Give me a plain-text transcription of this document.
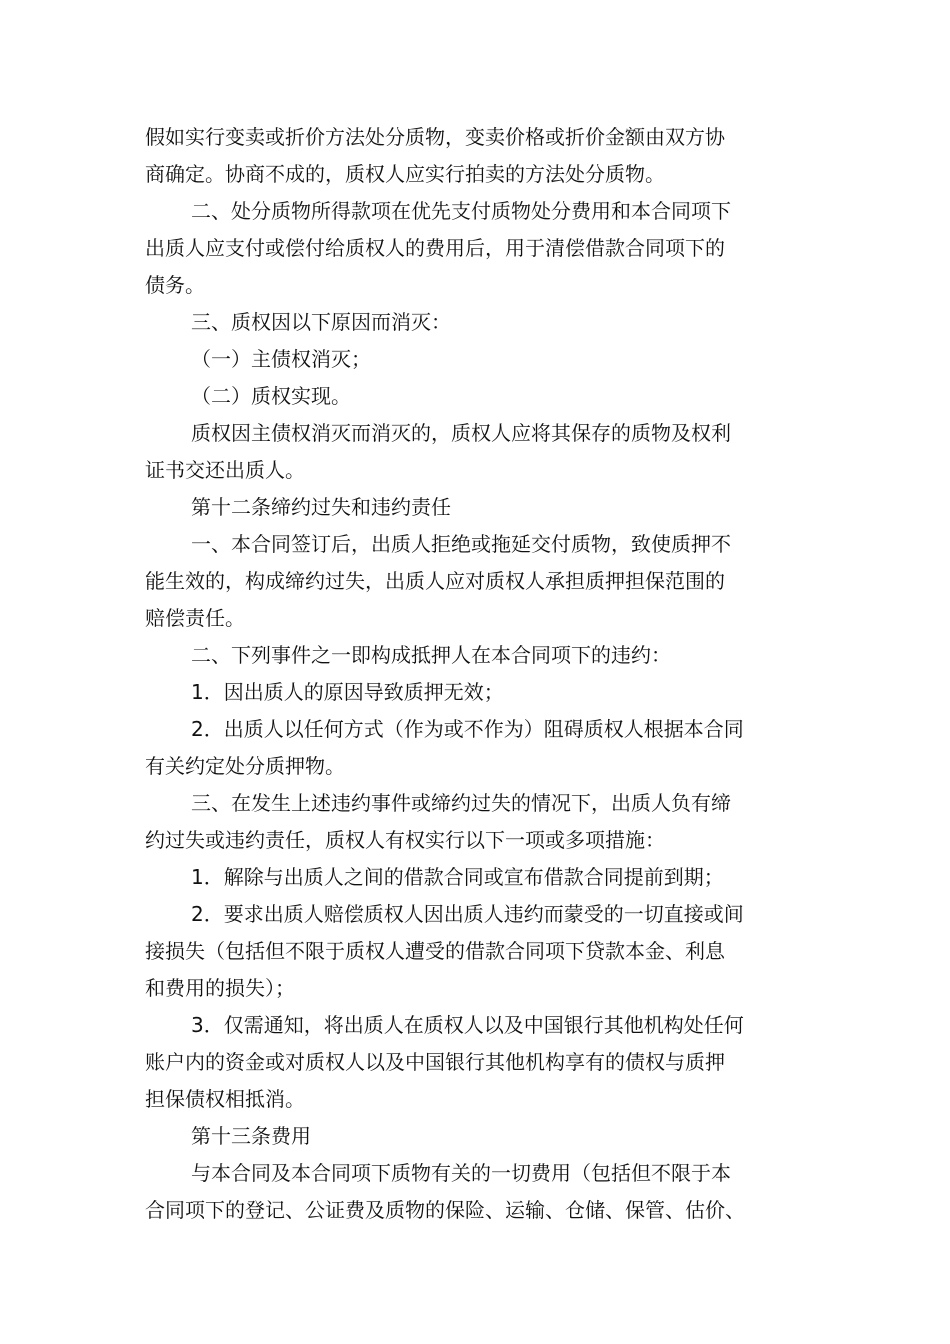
假如实行变卖或折价方法处分质物，变卖价格或折价金额由双方协
商确定。协商不成的，质权人应实行拍卖的方法处分质物。
二、处分质物所得款项在优先支付质物处分费用和本合同项下
出质人应支付或偿付给质权人的费用后，用于清偿借款合同项下的
债务。
三、质权因以下原因而消灭：
（一）主债权消灭；
（二）质权实现。
质权因主债权消灭而消灭的，质权人应将其保存的质物及权利
证书交还出质人。
第十二条缔约过失和违约责任
一、本合同签订后，出质人拒绝或拖延交付质物，致使质押不
能生效的，构成缔约过失，出质人应对质权人承担质押担保范围的
赔偿责任。
二、下列事件之一即构成抵押人在本合同项下的违约：
1．因出质人的原因导致质押无效；
2．出质人以任何方式（作为或不作为）阻碍质权人根据本合同
有关约定处分质押物。
三、在发生上述违约事件或缔约过失的情况下，出质人负有缔
约过失或违约责任，质权人有权实行以下一项或多项措施：
1．解除与出质人之间的借款合同或宣布借款合同提前到期；
2．要求出质人赔偿质权人因出质人违约而蒙受的一切直接或间
接损失（包括但不限于质权人遭受的借款合同项下贷款本金、利息
和费用的损失）；
3．仅需通知，将出质人在质权人以及中国银行其他机构处任何
账户内的资金或对质权人以及中国银行其他机构享有的债权与质押
担保债权相抵消。
第十三条费用
与本合同及本合同项下质物有关的一切费用（包括但不限于本
合同项下的登记、公证费及质物的保险、运输、仓储、保管、估价、
